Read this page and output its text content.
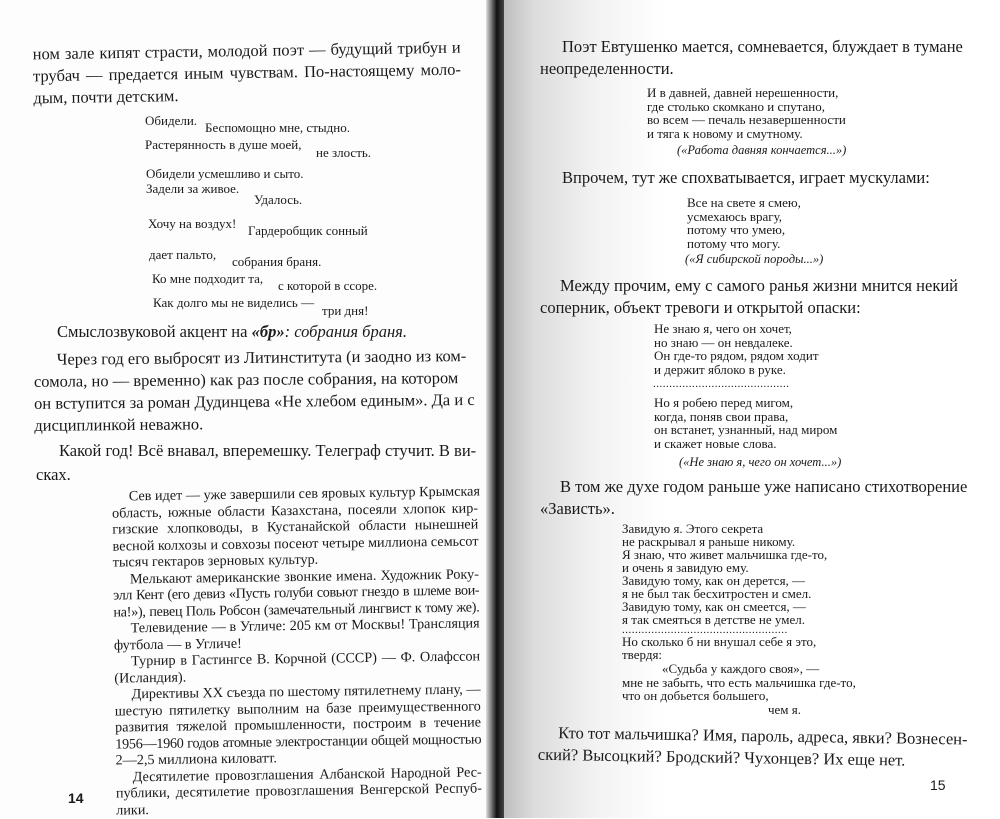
ном зале кипят страсти, молодой поэт — будущий трибун и
трубач — предается иным чувствам. По-настоящему моло-
дым, почти детским.
Обидели. Беспомощно мне, стыдно.
Растерянность в душе моей,
не злость.
Обидели усмешливо и сыто.
Задели за живое.
Удалось.
Хочу на воздух! Гардеробщик сонный
дает пальто, собрания браня.
Ко мне подходит та, с которой в ссоре.
Как долго мы не виделись —
три дня!
Смыслозвуковой акцент на «бр»: собрания браня.
Через год его выбросят из Литинститута (и заодно из ком-
сомола, но — временно) как раз после собрания, на котором
он вступится за роман Дудинцева «Не хлебом единым». Да и с
дисциплинкой неважно.
Какой год! Всё внавал, вперемешку. Телеграф стучит. В ви-
сках.
Сев идет — уже завершили сев яровых культур Крымская
область, южные области Казахстана, посеяли хлопок кир-
гизские хлопководы, в Кустанайской области нынешней
весной колхозы и совхозы посеют четыре миллиона семьсот
тысяч гектаров зерновых культур.
Мелькают американские звонкие имена. Художник Року-
элл Кент (его девиз «Пусть голуби совьют гнездо в шлеме вои-
на!»), певец Поль Робсон (замечательный лингвист к тому же).
Телевидение — в Угличе: 205 км от Москвы! Трансляция
футбола — в Угличе!
Турнир в Гастингсе В. Корчной (СССР) — Ф. Олафссон
(Исландия).
Директивы XX съезда по шестому пятилетнему плану, —
шестую пятилетку выполним на базе преимущественного
развития тяжелой промышленности, построим в течение
1956—1960 годов атомные электростанции общей мощностью
2—2,5 миллиона киловатт.
Десятилетие провозглашения Албанской Народной Рес-
публики, десятилетие провозглашения Венгерской Респуб-
лики.
14
Поэт Евтушенко мается, сомневается, блуждает в тумане
неопределенности.
И в давней, давней нерешенности,
где столько скомкано и спутано,
во всем — печаль незавершенности
и тяга к новому и смутному.
(«Работа давняя кончается...»)
Впрочем, тут же спохватывается, играет мускулами:
Все на свете я смею,
усмехаюсь врагу,
потому что умею,
потому что могу.
(«Я сибирской породы...»)
Между прочим, ему с самого ранья жизни мнится некий
соперник, объект тревоги и открытой опаски:
Не знаю я, чего он хочет,
но знаю — он невдалеке.
Он где-то рядом, рядом ходит
и держит яблоко в руке.
..........................................
Но я робею перед мигом,
когда, поняв свои права,
он встанет, узнанный, над миром
и скажет новые слова.
(«Не знаю я, чего он хочет...»)
В том же духе годом раньше уже написано стихотворение
«Зависть».
Завидую я. Этого секрета
не раскрывал я раньше никому.
Я знаю, что живет мальчишка где-то,
и очень я завидую ему.
Завидую тому, как он дерется, —
я не был так бесхитростен и смел.
Завидую тому, как он смеется, —
я так смеяться в детстве не умел.
...................................................
Но сколько б ни внушал себе я это,
твердя:
«Судьба у каждого своя», —
мне не забыть, что есть мальчишка где-то,
что он добьется большего,
чем я.
Кто тот мальчишка? Имя, пароль, адреса, явки? Вознесен-
ский? Высоцкий? Бродский? Чухонцев? Их еще нет.
15
